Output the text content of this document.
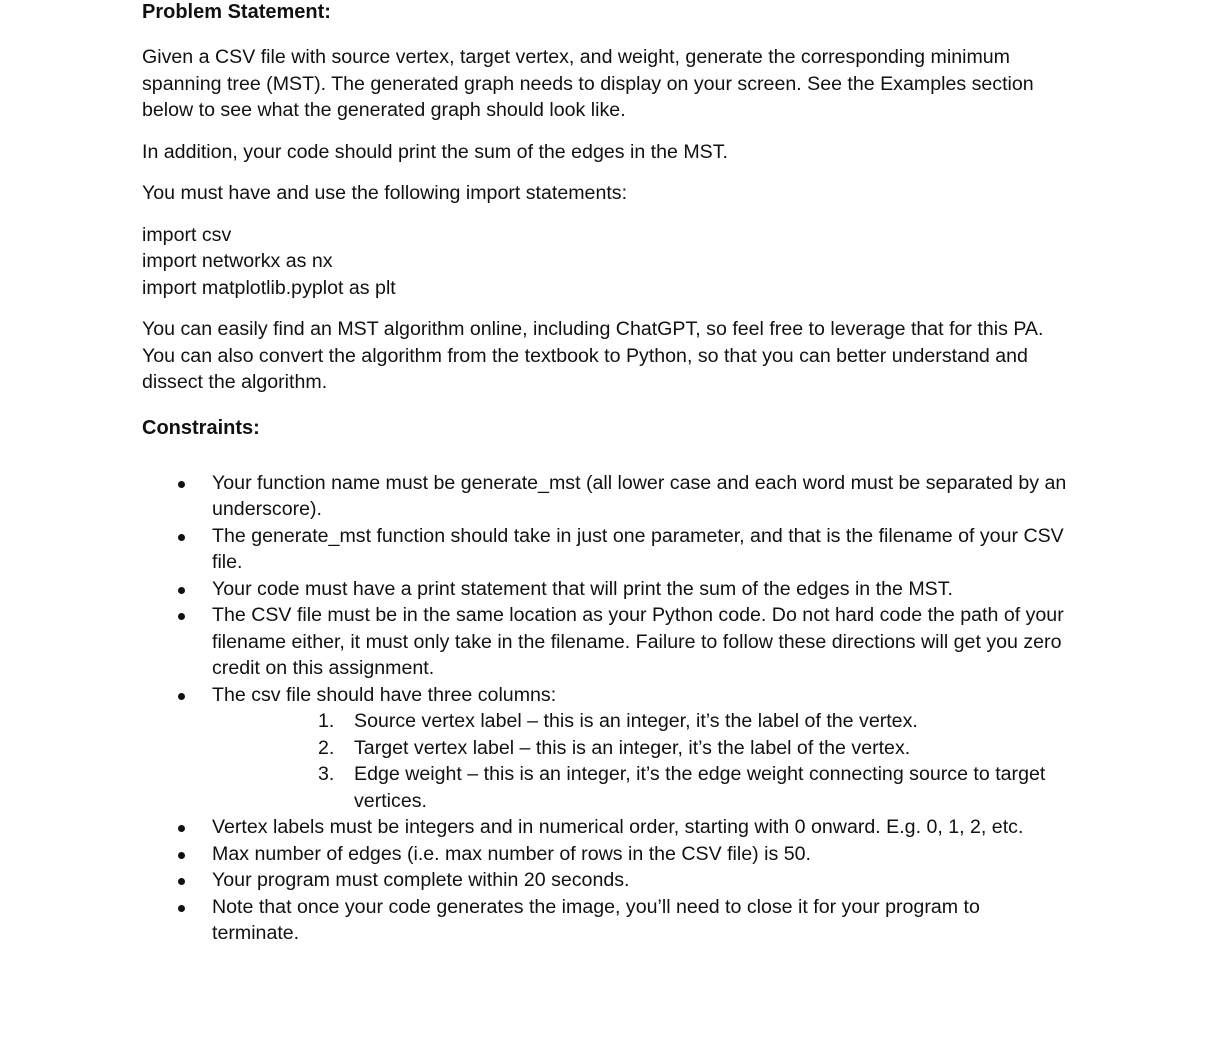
Problem Statement:

Given a CSV file with source vertex, target vertex, and weight, generate the corresponding minimum spanning tree (MST). The generated graph needs to display on your screen. See the Examples section below to see what the generated graph should look like.

In addition, your code should print the sum of the edges in the MST.

You must have and use the following import statements:

import csv
import networkx as nx
import matplotlib.pyplot as plt

You can easily find an MST algorithm online, including ChatGPT, so feel free to leverage that for this PA. You can also convert the algorithm from the textbook to Python, so that you can better understand and dissect the algorithm.

Constraints:
Your function name must be generate_mst (all lower case and each word must be separated by an underscore).
The generate_mst function should take in just one parameter, and that is the filename of your CSV file.
Your code must have a print statement that will print the sum of the edges in the MST.
The CSV file must be in the same location as your Python code. Do not hard code the path of your filename either, it must only take in the filename. Failure to follow these directions will get you zero credit on this assignment.
The csv file should have three columns:
1. Source vertex label – this is an integer, it’s the label of the vertex.
2. Target vertex label – this is an integer, it’s the label of the vertex.
3. Edge weight – this is an integer, it’s the edge weight connecting source to target vertices.
Vertex labels must be integers and in numerical order, starting with 0 onward. E.g. 0, 1, 2, etc.
Max number of edges (i.e. max number of rows in the CSV file) is 50.
Your program must complete within 20 seconds.
Note that once your code generates the image, you’ll need to close it for your program to terminate.
